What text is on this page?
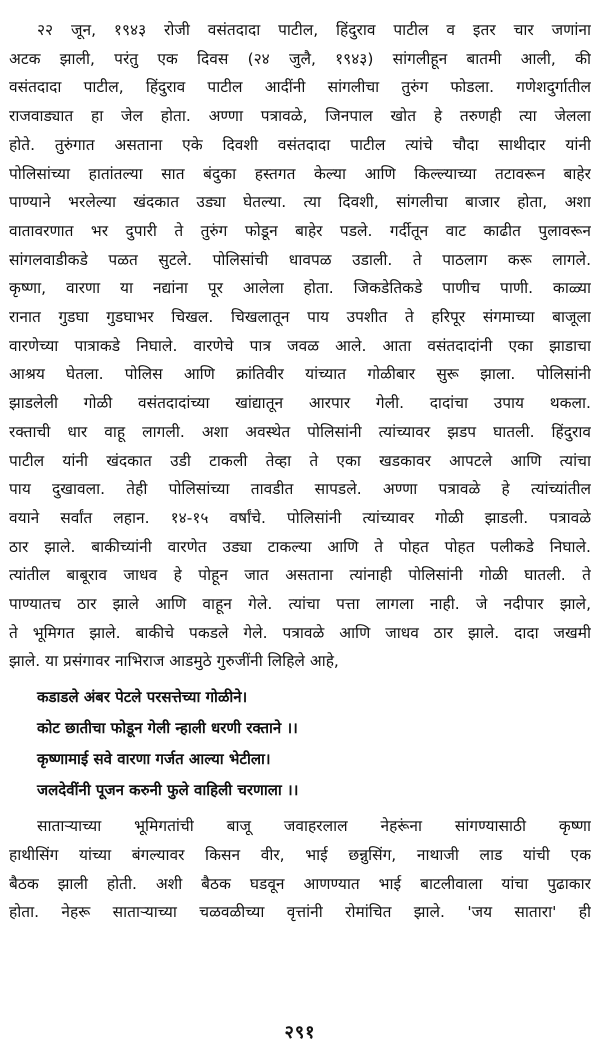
२२ जून, १९४३ रोजी वसंतदादा पाटील, हिंदुराव पाटील व इतर चार जणांना
अटक झाली, परंतु एक दिवस (२४ जुलै, १९४३) सांगलीहून बातमी आली, की
वसंतदादा पाटील, हिंदुराव पाटील आदींनी सांगलीचा तुरुंग फोडला. गणेशदुर्गातील
राजवाड्यात हा जेल होता. अण्णा पत्रावळे, जिनपाल खोत हे तरुणही त्या जेलला
होते. तुरुंगात असताना एके दिवशी वसंतदादा पाटील त्यांचे चौदा साथीदार यांनी
पोलिसांच्या हातांतल्या सात बंदुका हस्तगत केल्या आणि किल्ल्याच्या तटावरून बाहेर
पाण्याने भरलेल्या खंदकात उड्या घेतल्या. त्या दिवशी, सांगलीचा बाजार होता, अशा
वातावरणात भर दुपारी ते तुरुंग फोडून बाहेर पडले. गर्दीतून वाट काढीत पुलावरून
सांगलवाडीकडे पळत सुटले. पोलिसांची धावपळ उडाली. ते पाठलाग करू लागले.
कृष्णा, वारणा या नद्यांना पूर आलेला होता. जिकडेतिकडे पाणीच पाणी. काळ्या
रानात गुडघा गुडघाभर चिखल. चिखलातून पाय उपशीत ते हरिपूर संगमाच्या बाजूला
वारणेच्या पात्राकडे निघाले. वारणेचे पात्र जवळ आले. आता वसंतदादांनी एका झाडाचा
आश्रय घेतला. पोलिस आणि क्रांतिवीर यांच्यात गोळीबार सुरू झाला. पोलिसांनी
झाडलेली गोळी वसंतदादांच्या खांद्यातून आरपार गेली. दादांचा उपाय थकला.
रक्ताची धार वाहू लागली. अशा अवस्थेत पोलिसांनी त्यांच्यावर झडप घातली. हिंदुराव
पाटील यांनी खंदकात उडी टाकली तेव्हा ते एका खडकावर आपटले आणि त्यांचा
पाय दुखावला. तेही पोलिसांच्या तावडीत सापडले. अण्णा पत्रावळे हे त्यांच्यांतील
वयाने सर्वांत लहान. १४-१५ वर्षांचे. पोलिसांनी त्यांच्यावर गोळी झाडली. पत्रावळे
ठार झाले. बाकीच्यांनी वारणेत उड्या टाकल्या आणि ते पोहत पोहत पलीकडे निघाले.
त्यांतील बाबूराव जाधव हे पोहून जात असताना त्यांनाही पोलिसांनी गोळी घातली. ते
पाण्यातच ठार झाले आणि वाहून गेले. त्यांचा पत्ता लागला नाही. जे नदीपार झाले,
ते भूमिगत झाले. बाकीचे पकडले गेले. पत्रावळे आणि जाधव ठार झाले. दादा जखमी
झाले. या प्रसंगावर नाभिराज आडमुठे गुरुजींनी लिहिले आहे,
कडाडले अंबर पेटले परसत्तेच्या गोळीने।
कोट छातीचा फोडून गेली न्हाली धरणी रक्ताने ।।
कृष्णामाई सवे वारणा गर्जत आल्या भेटीला।
जलदेवींनी पूजन करुनी फुले वाहिली चरणाला ।।
साताऱ्याच्या भूमिगतांची बाजू जवाहरलाल नेहरूंना सांगण्यासाठी कृष्णा
हाथीसिंग यांच्या बंगल्यावर किसन वीर, भाई छन्नुसिंग, नाथाजी लाड यांची एक
बैठक झाली होती. अशी बैठक घडवून आणण्यात भाई बाटलीवाला यांचा पुढाकार
होता. नेहरू साताऱ्याच्या चळवळीच्या वृत्तांनी रोमांचित झाले. 'जय सातारा' ही
२९१
